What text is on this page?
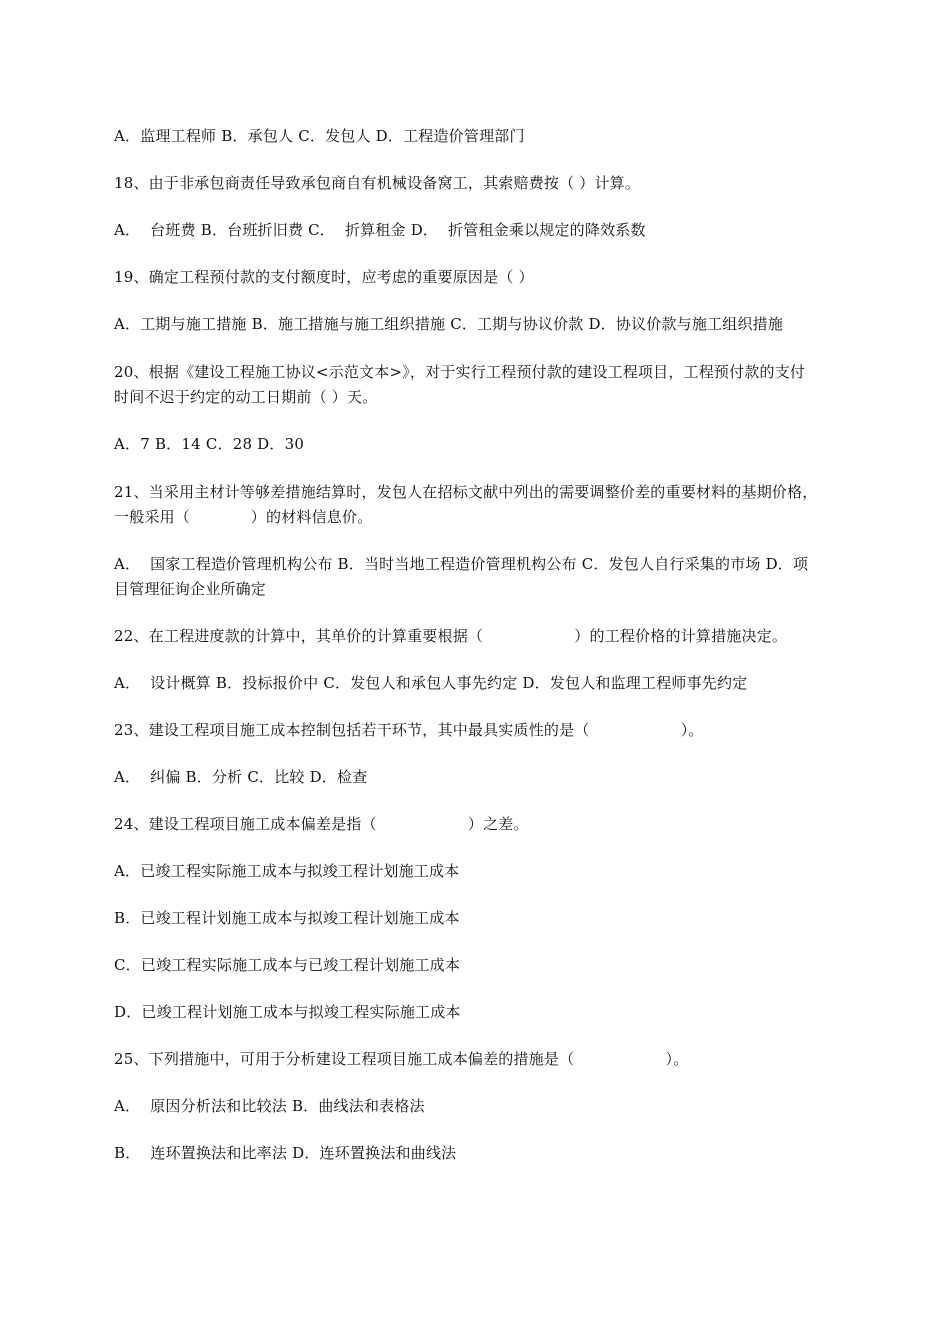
A．监理工程师 B．承包人 C．发包人 D．工程造价管理部门
18、由于非承包商责任导致承包商自有机械设备窝工，其索赔费按（ ）计算。
A．  台班费 B．台班折旧费 C．  折算租金 D．  折管租金乘以规定的降效系数
19、确定工程预付款的支付额度时，应考虑的重要原因是（ ）
A．工期与施工措施 B．施工措施与施工组织措施 C．工期与协议价款 D．协议价款与施工组织措施
20、根据《建设工程施工协议<示范文本>》，对于实行工程预付款的建设工程项目，工程预付款的支付
时间不迟于约定的动工日期前（ ）天。
A．7 B．14 C．28 D．30
21、当采用主材计等够差措施结算时，发包人在招标文献中列出的需要调整价差的重要材料的基期价格，
一般采用（　　　　）的材料信息价。
A．  国家工程造价管理机构公布 B．当时当地工程造价管理机构公布 C．发包人自行采集的市场 D．项
目管理征询企业所确定
22、在工程进度款的计算中，其单价的计算重要根据（　　　　　　）的工程价格的计算措施决定。
A．  设计概算 B．投标报价中 C．发包人和承包人事先约定 D．发包人和监理工程师事先约定
23、建设工程项目施工成本控制包括若干环节，其中最具实质性的是（　　　　　　）。
A．  纠偏 B．分析 C．比较 D．检查
24、建设工程项目施工成本偏差是指（　　　　　　）之差。
A．已竣工程实际施工成本与拟竣工程计划施工成本
B．已竣工程计划施工成本与拟竣工程计划施工成本
C．已竣工程实际施工成本与已竣工程计划施工成本
D．已竣工程计划施工成本与拟竣工程实际施工成本
25、下列措施中，可用于分析建设工程项目施工成本偏差的措施是（　　　　　　）。
A．  原因分析法和比较法 B．曲线法和表格法
B．  连环置换法和比率法 D．连环置换法和曲线法
